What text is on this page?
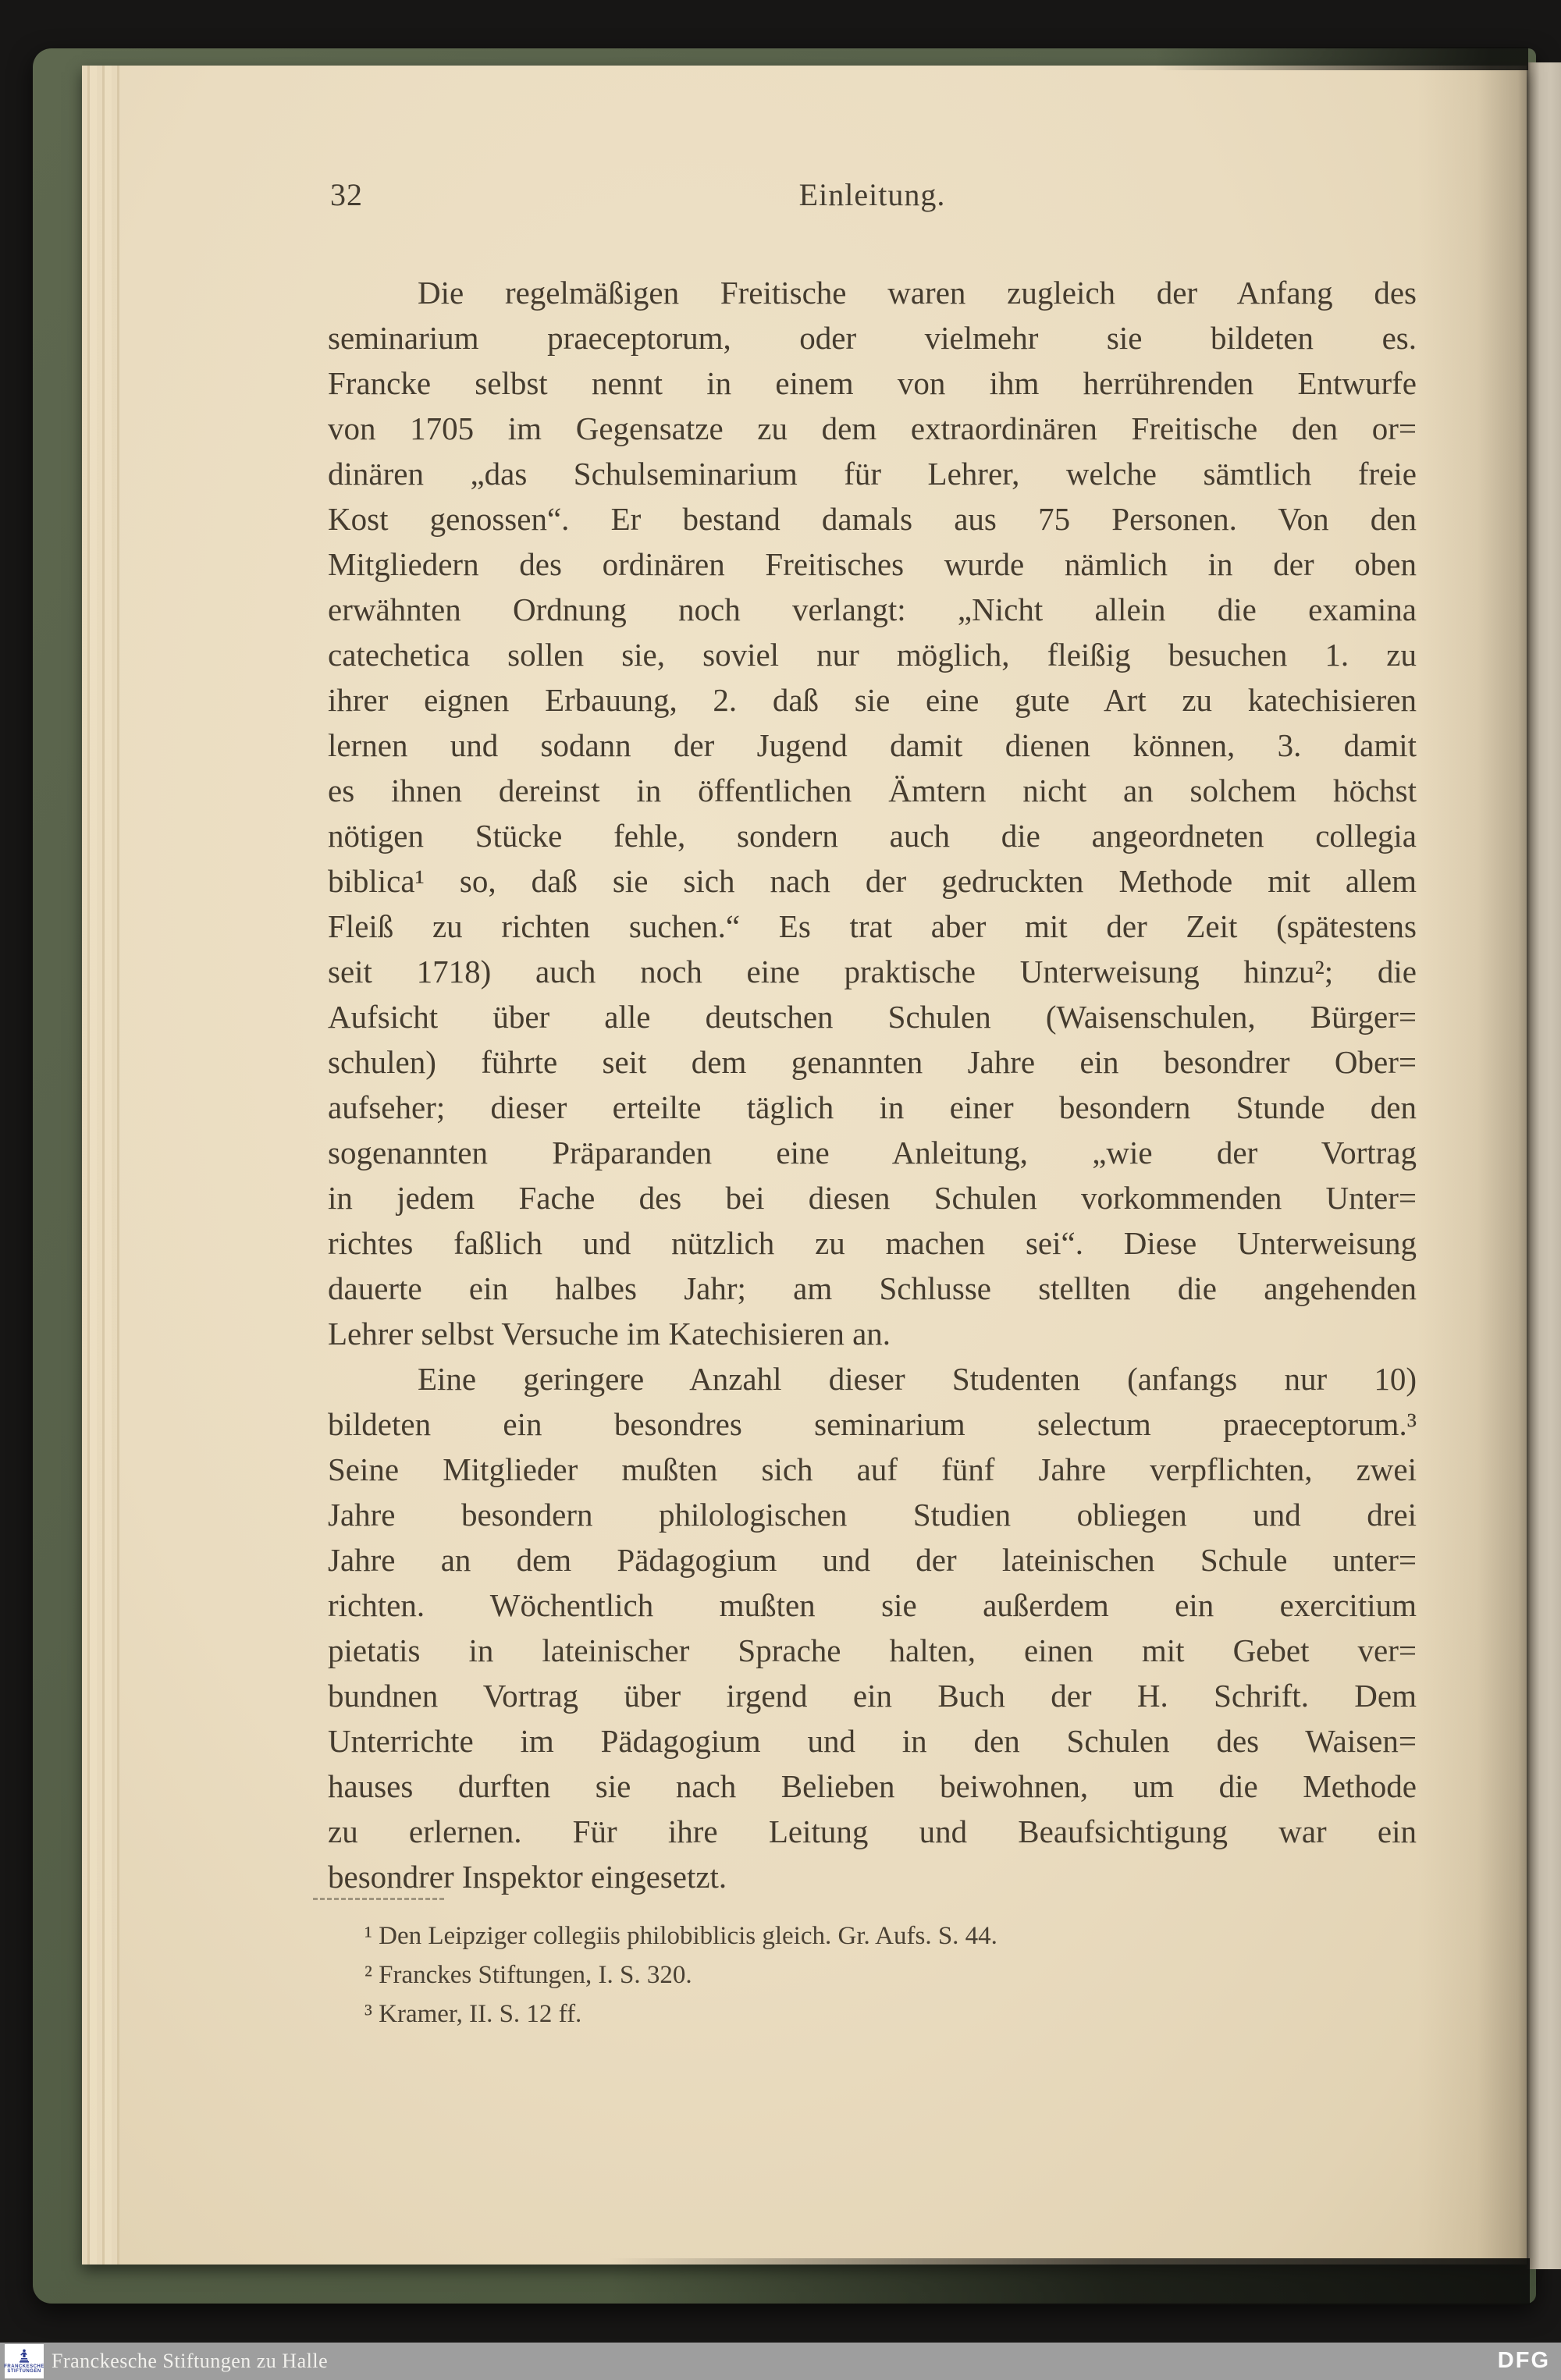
32	Einleitung.
Die regelmäßigen Freitische waren zugleich der Anfang des
seminarium praeceptorum, oder vielmehr sie bildeten es.
Francke selbst nennt in einem von ihm herrührenden Entwurfe
von 1705 im Gegensatze zu dem extraordinären Freitische den or=
dinären „das Schulseminarium für Lehrer, welche sämtlich freie
Kost genossen“. Er bestand damals aus 75 Personen. Von den
Mitgliedern des ordinären Freitisches wurde nämlich in der oben
erwähnten Ordnung noch verlangt: „Nicht allein die examina
catechetica sollen sie, soviel nur möglich, fleißig besuchen 1. zu
ihrer eignen Erbauung, 2. daß sie eine gute Art zu katechisieren
lernen und sodann der Jugend damit dienen können, 3. damit
es ihnen dereinst in öffentlichen Ämtern nicht an solchem höchst
nötigen Stücke fehle, sondern auch die angeordneten collegia
biblica¹ so, daß sie sich nach der gedruckten Methode mit allem
Fleiß zu richten suchen.“ Es trat aber mit der Zeit (spätestens
seit 1718) auch noch eine praktische Unterweisung hinzu²; die
Aufsicht über alle deutschen Schulen (Waisenschulen, Bürger=
schulen) führte seit dem genannten Jahre ein besondrer Ober=
aufseher; dieser erteilte täglich in einer besondern Stunde den
sogenannten Präparanden eine Anleitung, „wie der Vortrag
in jedem Fache des bei diesen Schulen vorkommenden Unter=
richtes faßlich und nützlich zu machen sei“. Diese Unterweisung
dauerte ein halbes Jahr; am Schlusse stellten die angehenden
Lehrer selbst Versuche im Katechisieren an.
Eine geringere Anzahl dieser Studenten (anfangs nur 10)
bildeten ein besondres seminarium selectum praeceptorum.³
Seine Mitglieder mußten sich auf fünf Jahre verpflichten, zwei
Jahre besondern philologischen Studien obliegen und drei
Jahre an dem Pädagogium und der lateinischen Schule unter=
richten. Wöchentlich mußten sie außerdem ein exercitium
pietatis in lateinischer Sprache halten, einen mit Gebet ver=
bundnen Vortrag über irgend ein Buch der H. Schrift. Dem
Unterrichte im Pädagogium und in den Schulen des Waisen=
hauses durften sie nach Belieben beiwohnen, um die Methode
zu erlernen. Für ihre Leitung und Beaufsichtigung war ein
besondrer Inspektor eingesetzt.
¹ Den Leipziger collegiis philobiblicis gleich. Gr. Aufs. S. 44.
² Franckes Stiftungen, I. S. 320.
³ Kramer, II. S. 12 ff.
FRANCKESCHE
STIFTUNGEN Franckesche Stiftungen zu Halle	DFG
